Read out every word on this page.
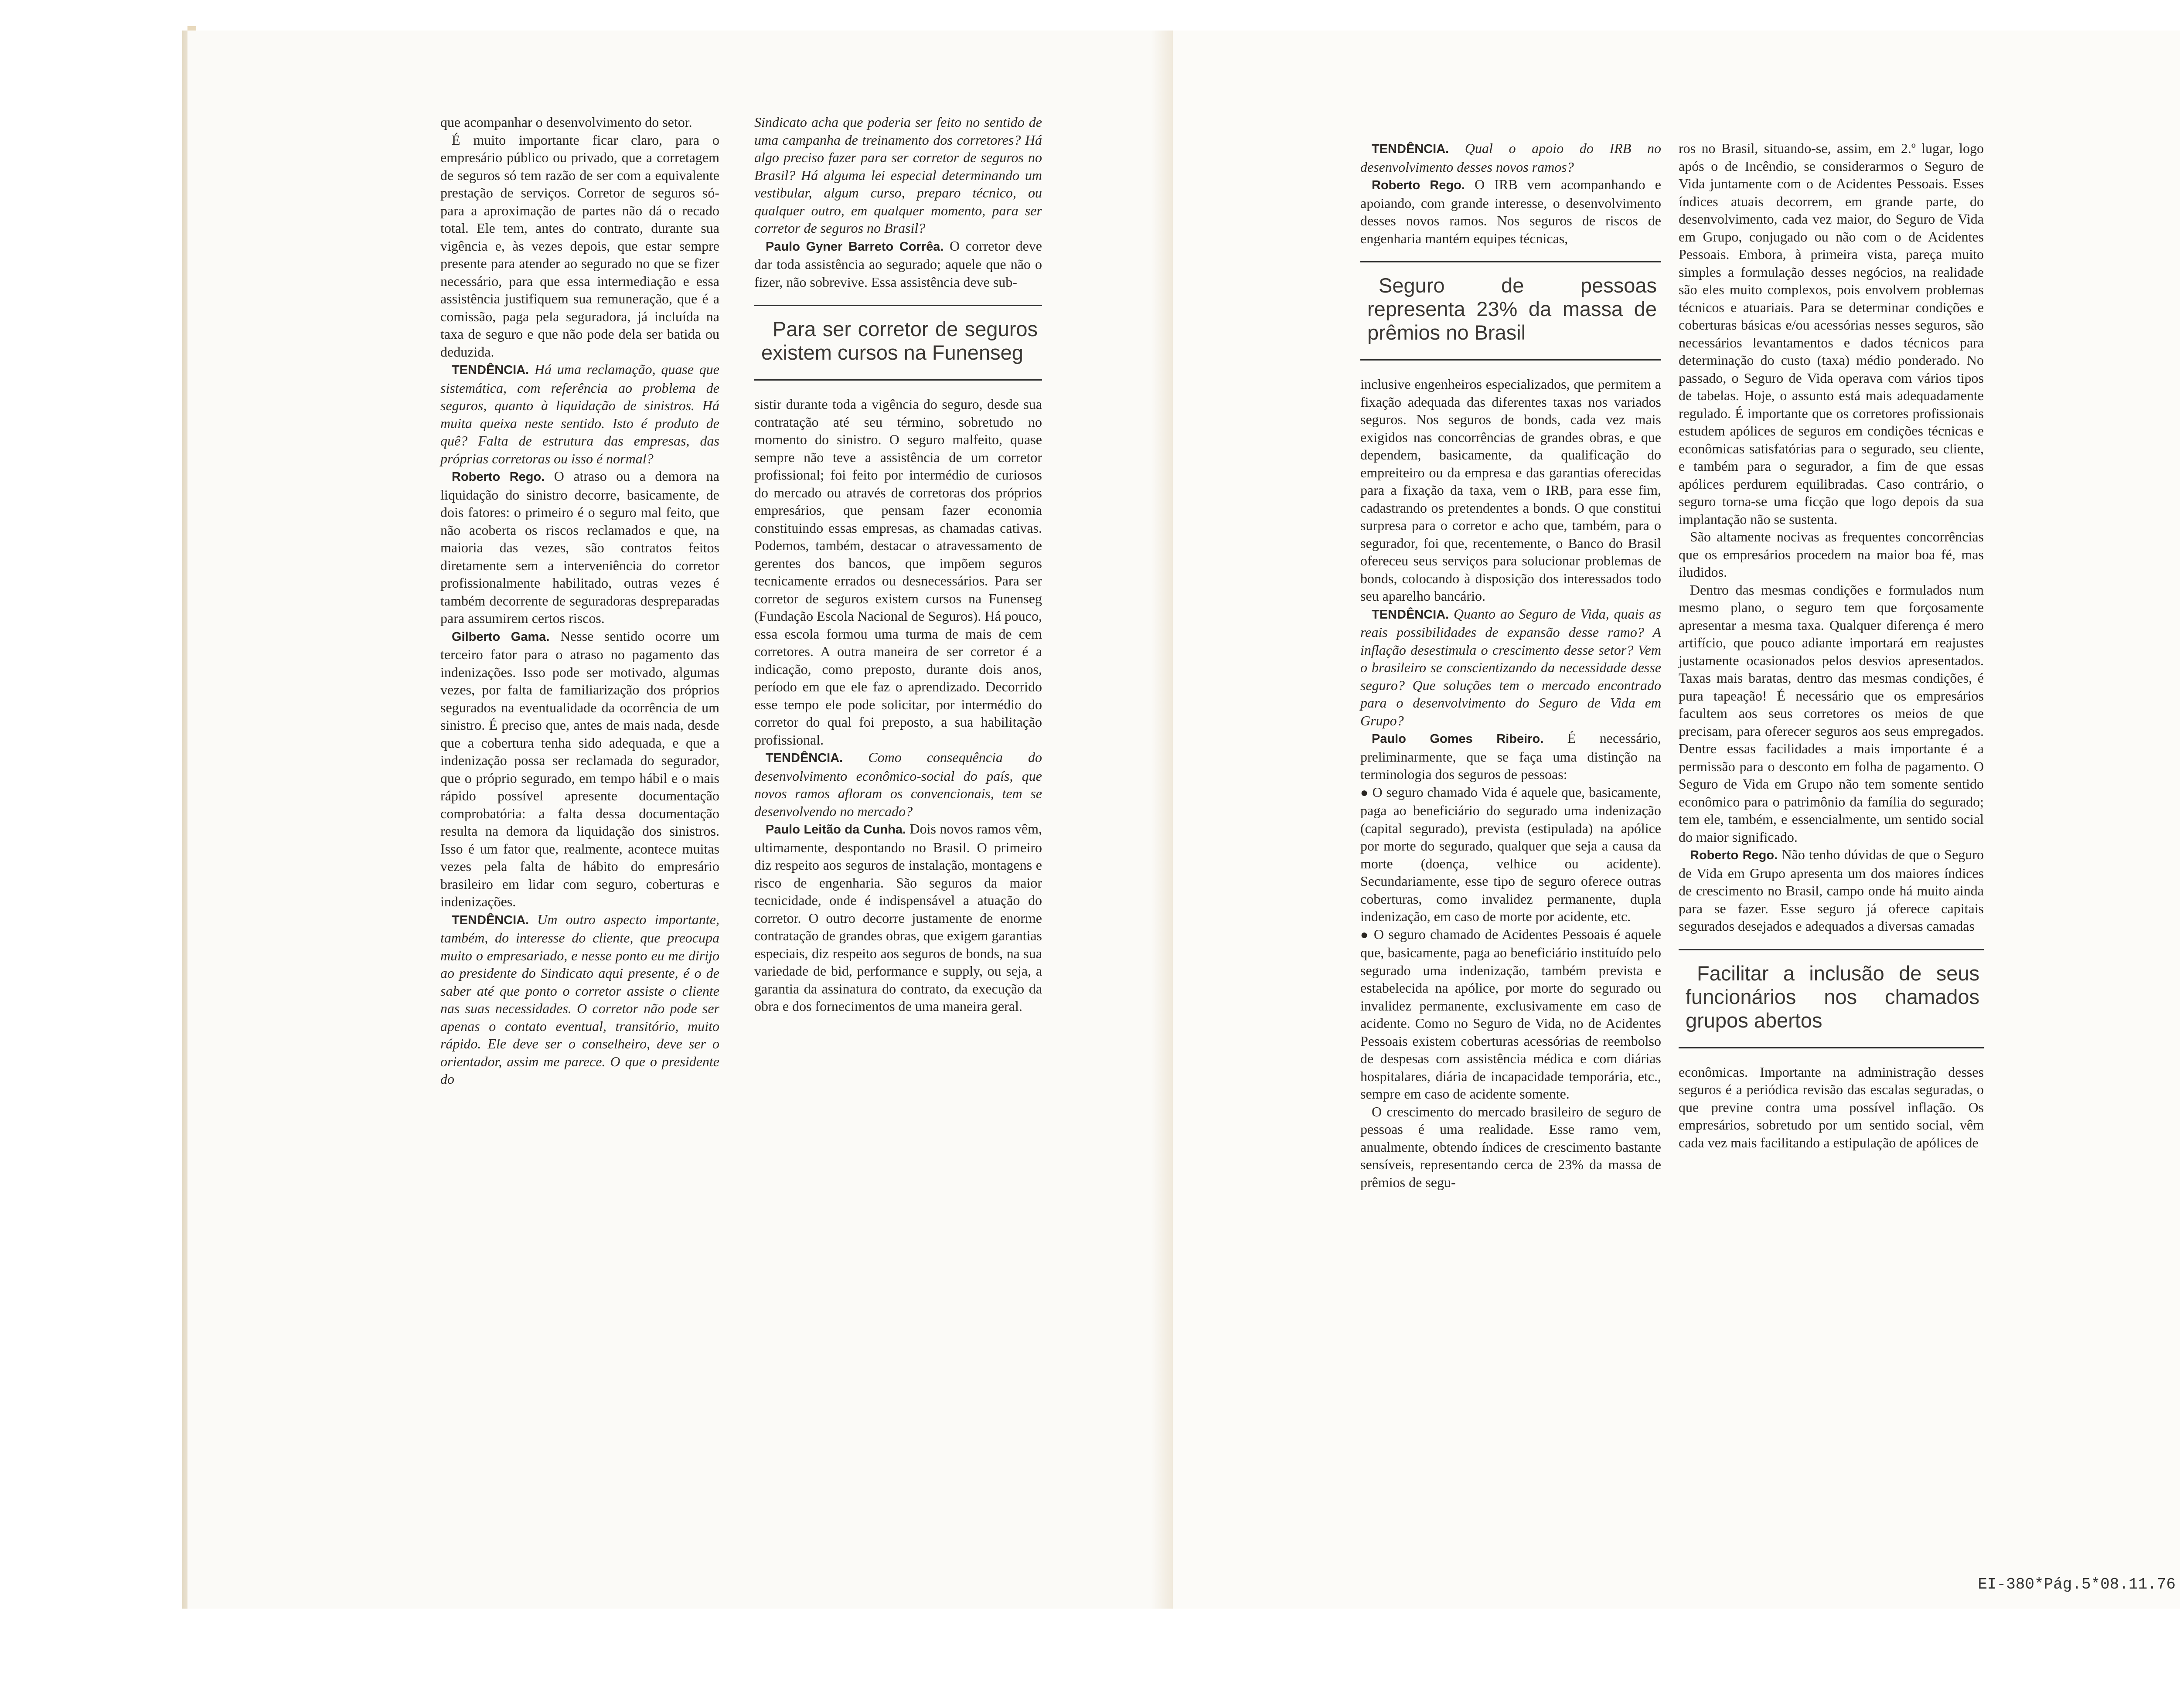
que acompanhar o desenvolvimento do setor.

É muito importante ficar claro, para o empresário público ou privado, que a corretagem de seguros só tem razão de ser com a equivalente prestação de serviços. Corretor de seguros só-para a aproximação de partes não dá o recado total. Ele tem, antes do contrato, durante sua vigência e, às vezes depois, que estar sempre presente para atender ao segurado no que se fizer necessário, para que essa intermediação e essa assistência justifiquem sua remuneração, que é a comissão, paga pela seguradora, já incluída na taxa de seguro e que não pode dela ser batida ou deduzida.

TENDÊNCIA. Há uma reclamação, quase que sistemática, com referência ao problema de seguros, quanto à liquidação de sinistros. Há muita queixa neste sentido. Isto é produto de quê? Falta de estrutura das empresas, das próprias corretoras ou isso é normal?

Roberto Rego. O atraso ou a demora na liquidação do sinistro decorre, basicamente, de dois fatores: o primeiro é o seguro mal feito, que não acoberta os riscos reclamados e que, na maioria das vezes, são contratos feitos diretamente sem a interveniência do corretor profissionalmente habilitado, outras vezes é também decorrente de seguradoras despreparadas para assumirem certos riscos.

Gilberto Gama. Nesse sentido ocorre um terceiro fator para o atraso no pagamento das indenizações. Isso pode ser motivado, algumas vezes, por falta de familiarização dos próprios segurados na eventualidade da ocorrência de um sinistro. É preciso que, antes de mais nada, desde que a cobertura tenha sido adequada, e que a indenização possa ser reclamada do segurador, que o próprio segurado, em tempo hábil e o mais rápido possível apresente documentação comprobatória: a falta dessa documentação resulta na demora da liquidação dos sinistros. Isso é um fator que, realmente, acontece muitas vezes pela falta de hábito do empresário brasileiro em lidar com seguro, coberturas e indenizações.

TENDÊNCIA. Um outro aspecto importante, também, do interesse do cliente, que preocupa muito o empresariado, e nesse ponto eu me dirijo ao presidente do Sindicato aqui presente, é o de saber até que ponto o corretor assiste o cliente nas suas necessidades. O corretor não pode ser apenas o contato eventual, transitório, muito rápido. Ele deve ser o conselheiro, deve ser o orientador, assim me parece. O que o presidente do

Sindicato acha que poderia ser feito no sentido de uma campanha de treinamento dos corretores? Há algo preciso fazer para ser corretor de seguros no Brasil? Há alguma lei especial determinando um vestibular, algum curso, preparo técnico, ou qualquer outro, em qualquer momento, para ser corretor de seguros no Brasil?

Paulo Gyner Barreto Corrêa. O corretor deve dar toda assistência ao segurado; aquele que não o fizer, não sobrevive. Essa assistência deve sub-

Para ser corretor de seguros existem cursos na Funenseg

sistir durante toda a vigência do seguro, desde sua contratação até seu término, sobretudo no momento do sinistro. O seguro malfeito, quase sempre não teve a assistência de um corretor profissional; foi feito por intermédio de curiosos do mercado ou através de corretoras dos próprios empresários, que pensam fazer economia constituindo essas empresas, as chamadas cativas. Podemos, também, destacar o atravessamento de gerentes dos bancos, que impõem seguros tecnicamente errados ou desnecessários. Para ser corretor de seguros existem cursos na Funenseg (Fundação Escola Nacional de Seguros). Há pouco, essa escola formou uma turma de mais de cem corretores. A outra maneira de ser corretor é a indicação, como preposto, durante dois anos, período em que ele faz o aprendizado. Decorrido esse tempo ele pode solicitar, por intermédio do corretor do qual foi preposto, a sua habilitação profissional.

TENDÊNCIA. Como consequência do desenvolvimento econômico-social do país, que novos ramos afloram os convencionais, tem se desenvolvendo no mercado?

Paulo Leitão da Cunha. Dois novos ramos vêm, ultimamente, despontando no Brasil. O primeiro diz respeito aos seguros de instalação, montagens e risco de engenharia. São seguros da maior tecnicidade, onde é indispensável a atuação do corretor. O outro decorre justamente de enorme contratação de grandes obras, que exigem garantias especiais, diz respeito aos seguros de bonds, na sua variedade de bid, performance e supply, ou seja, a garantia da assinatura do contrato, da execução da obra e dos fornecimentos de uma maneira geral.

TENDÊNCIA. Qual o apoio do IRB no desenvolvimento desses novos ramos?

Roberto Rego. O IRB vem acompanhando e apoiando, com grande interesse, o desenvolvimento desses novos ramos. Nos seguros de riscos de engenharia mantém equipes técnicas,

Seguro de pessoas representa 23% da massa de prêmios no Brasil

inclusive engenheiros especializados, que permitem a fixação adequada das diferentes taxas nos variados seguros. Nos seguros de bonds, cada vez mais exigidos nas concorrências de grandes obras, e que dependem, basicamente, da qualificação do empreiteiro ou da empresa e das garantias oferecidas para a fixação da taxa, vem o IRB, para esse fim, cadastrando os pretendentes a bonds. O que constitui surpresa para o corretor e acho que, também, para o segurador, foi que, recentemente, o Banco do Brasil ofereceu seus serviços para solucionar problemas de bonds, colocando à disposição dos interessados todo seu aparelho bancário.

TENDÊNCIA. Quanto ao Seguro de Vida, quais as reais possibilidades de expansão desse ramo? A inflação desestimula o crescimento desse setor? Vem o brasileiro se conscientizando da necessidade desse seguro? Que soluções tem o mercado encontrado para o desenvolvimento do Seguro de Vida em Grupo?

Paulo Gomes Ribeiro. É necessário, preliminarmente, que se faça uma distinção na terminologia dos seguros de pessoas:

● O seguro chamado Vida é aquele que, basicamente, paga ao beneficiário do segurado uma indenização (capital segurado), prevista (estipulada) na apólice por morte do segurado, qualquer que seja a causa da morte (doença, velhice ou acidente). Secundariamente, esse tipo de seguro oferece outras coberturas, como invalidez permanente, dupla indenização, em caso de morte por acidente, etc.

● O seguro chamado de Acidentes Pessoais é aquele que, basicamente, paga ao beneficiário instituído pelo segurado uma indenização, também prevista e estabelecida na apólice, por morte do segurado ou invalidez permanente, exclusivamente em caso de acidente. Como no Seguro de Vida, no de Acidentes Pessoais existem coberturas acessórias de reembolso de despesas com assistência médica e com diárias hospitalares, diária de incapacidade temporária, etc., sempre em caso de acidente somente.

O crescimento do mercado brasileiro de seguro de pessoas é uma realidade. Esse ramo vem, anualmente, obtendo índices de crescimento bastante sensíveis, representando cerca de 23% da massa de prêmios de segu-

ros no Brasil, situando-se, assim, em 2.º lugar, logo após o de Incêndio, se considerarmos o Seguro de Vida juntamente com o de Acidentes Pessoais. Esses índices atuais decorrem, em grande parte, do desenvolvimento, cada vez maior, do Seguro de Vida em Grupo, conjugado ou não com o de Acidentes Pessoais. Embora, à primeira vista, pareça muito simples a formulação desses negócios, na realidade são eles muito complexos, pois envolvem problemas técnicos e atuariais. Para se determinar condições e coberturas básicas e/ou acessórias nesses seguros, são necessários levantamentos e dados técnicos para determinação do custo (taxa) médio ponderado. No passado, o Seguro de Vida operava com vários tipos de tabelas. Hoje, o assunto está mais adequadamente regulado. É importante que os corretores profissionais estudem apólices de seguros em condições técnicas e econômicas satisfatórias para o segurado, seu cliente, e também para o segurador, a fim de que essas apólices perdurem equilibradas. Caso contrário, o seguro torna-se uma ficção que logo depois da sua implantação não se sustenta.

São altamente nocivas as frequentes concorrências que os empresários procedem na maior boa fé, mas iludidos.

Dentro das mesmas condições e formulados num mesmo plano, o seguro tem que forçosamente apresentar a mesma taxa. Qualquer diferença é mero artifício, que pouco adiante importará em reajustes justamente ocasionados pelos desvios apresentados. Taxas mais baratas, dentro das mesmas condições, é pura tapeação! É necessário que os empresários facultem aos seus corretores os meios de que precisam, para oferecer seguros aos seus empregados. Dentre essas facilidades a mais importante é a permissão para o desconto em folha de pagamento. O Seguro de Vida em Grupo não tem somente sentido econômico para o patrimônio da família do segurado; tem ele, também, e essencialmente, um sentido social do maior significado.

Roberto Rego. Não tenho dúvidas de que o Seguro de Vida em Grupo apresenta um dos maiores índices de crescimento no Brasil, campo onde há muito ainda para se fazer. Esse seguro já oferece capitais segurados desejados e adequados a diversas camadas

Facilitar a inclusão de seus funcionários nos chamados grupos abertos

econômicas. Importante na administração desses seguros é a periódica revisão das escalas seguradas, o que previne contra uma possível inflação. Os empresários, sobretudo por um sentido social, vêm cada vez mais facilitando a estipulação de apólices de

EI-380*Pág.5*08.11.76
